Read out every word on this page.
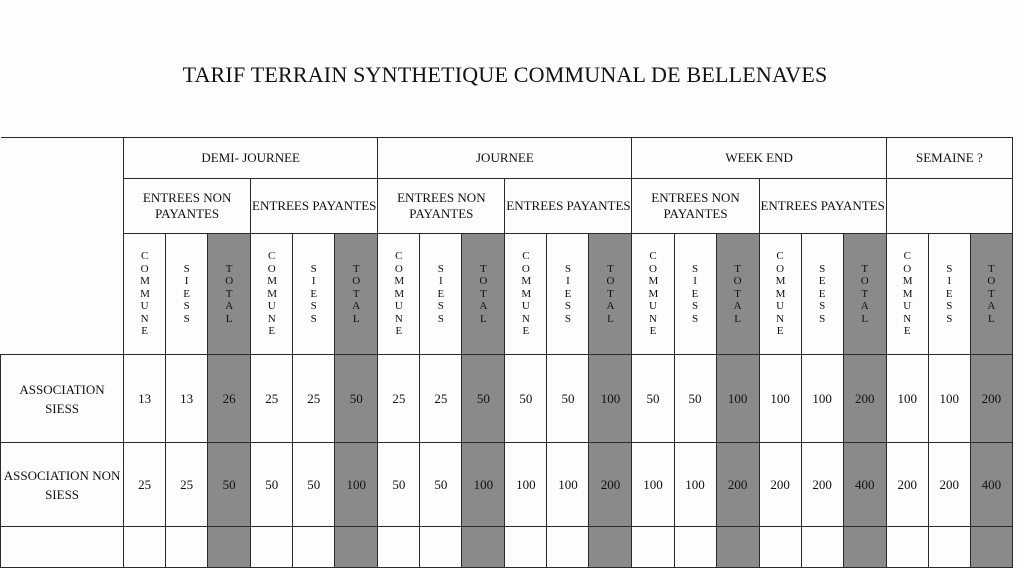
TARIF TERRAIN SYNTHETIQUE COMMUNAL DE BELLENAVES
	DEMI- JOURNEE						JOURNEE						WEEK END						SEMAINE ?		
	ENTREES NON PAYANTES			ENTREES PAYANTES			ENTREES NON PAYANTES			ENTREES PAYANTES			ENTREES NON PAYANTES			ENTREES PAYANTES					
	COMMUNE	SIESS	TOTAL	COMMUNE	SIESS	TOTAL	COMMUNE	SIESS	TOTAL	COMMUNE	SIESS	TOTAL	COMMUNE	SIESS	TOTAL	COMMUNE	SEESS	TOTAL	COMMUNE	SIESS	TOTAL
ASSOCIATION SIESS	13	13	26	25	25	50	25	25	50	50	50	100	50	50	100	100	100	200	100	100	200
ASSOCIATION NON SIESS	25	25	50	50	50	100	50	50	100	100	100	200	100	100	200	200	200	400	200	200	400
